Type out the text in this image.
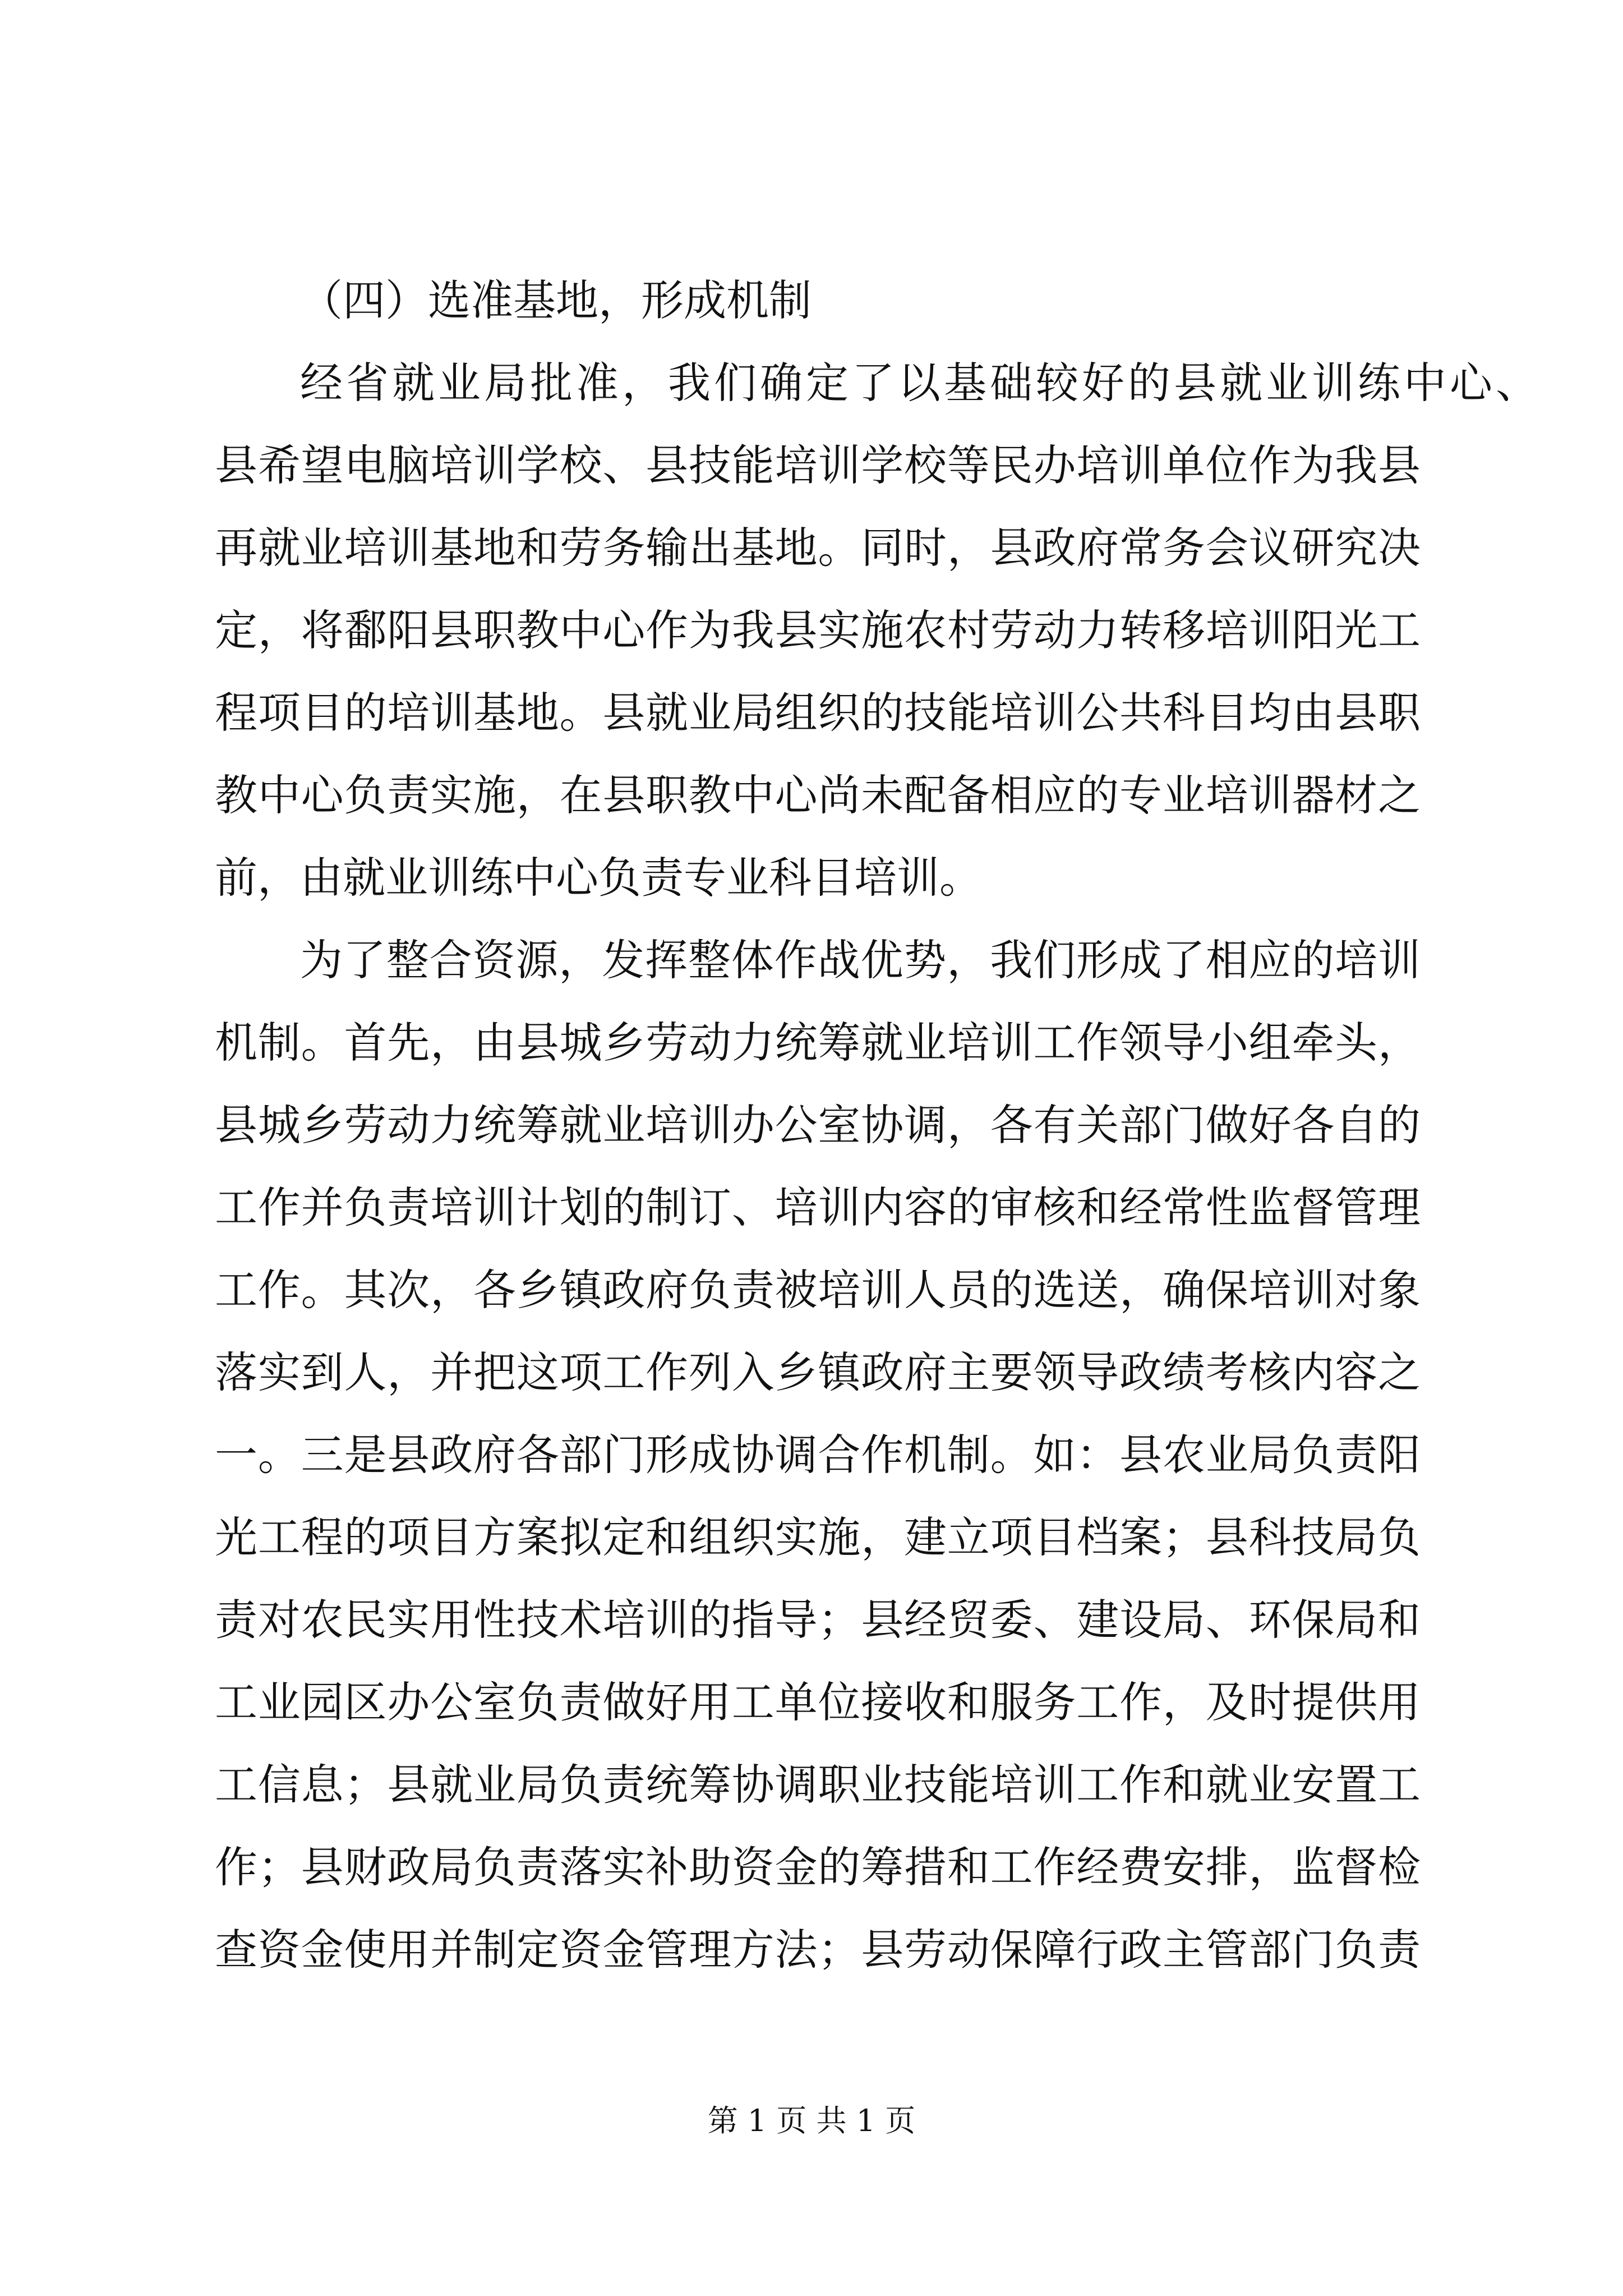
（四）选准基地，形成机制
经省就业局批准，我们确定了以基础较好的县就业训练中心、
县希望电脑培训学校、县技能培训学校等民办培训单位作为我县
再就业培训基地和劳务输出基地。同时，县政府常务会议研究决
定，将鄱阳县职教中心作为我县实施农村劳动力转移培训阳光工
程项目的培训基地。县就业局组织的技能培训公共科目均由县职
教中心负责实施，在县职教中心尚未配备相应的专业培训器材之
前，由就业训练中心负责专业科目培训。
为了整合资源，发挥整体作战优势，我们形成了相应的培训
机制。首先，由县城乡劳动力统筹就业培训工作领导小组牵头，
县城乡劳动力统筹就业培训办公室协调，各有关部门做好各自的
工作并负责培训计划的制订、培训内容的审核和经常性监督管理
工作。其次，各乡镇政府负责被培训人员的选送，确保培训对象
落实到人，并把这项工作列入乡镇政府主要领导政绩考核内容之
一。三是县政府各部门形成协调合作机制。如：县农业局负责阳
光工程的项目方案拟定和组织实施，建立项目档案；县科技局负
责对农民实用性技术培训的指导；县经贸委、建设局、环保局和
工业园区办公室负责做好用工单位接收和服务工作，及时提供用
工信息；县就业局负责统筹协调职业技能培训工作和就业安置工
作；县财政局负责落实补助资金的筹措和工作经费安排，监督检
查资金使用并制定资金管理方法；县劳动保障行政主管部门负责
第 1 页 共 1 页
